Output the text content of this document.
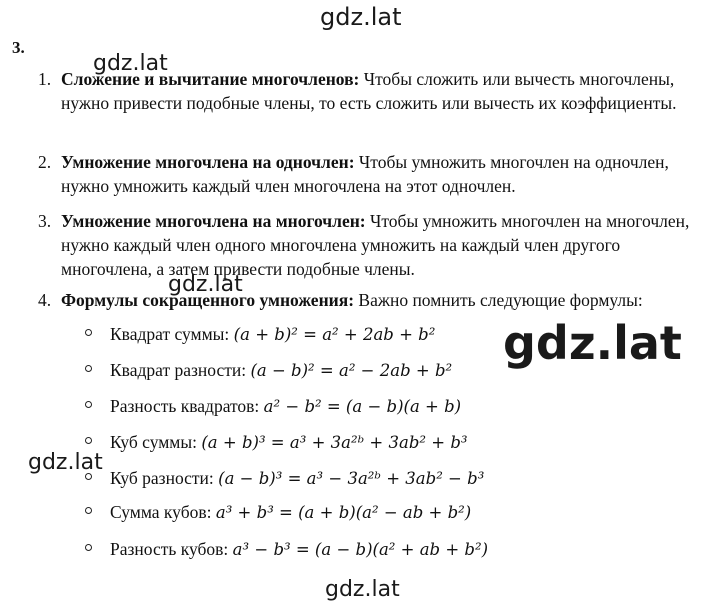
gdz.lat
3.
gdz.lat
1. Сложение и вычитание многочленов: Чтобы сложить или вычесть многочлены, нужно привести подобные члены, то есть сложить или вычесть их коэффициенты.
2. Умножение многочлена на одночлен: Чтобы умножить многочлен на одночлен, нужно умножить каждый член многочлена на этот одночлен.
3. Умножение многочлена на многочлен: Чтобы умножить многочлен на многочлен, нужно каждый член одного многочлена умножить на каждый член другого многочлена, а затем привести подобные члены.
gdz.lat
4. Формулы сокращенного умножения: Важно помнить следующие формулы:
Квадрат суммы: (a + b)² = a² + 2ab + b²
Квадрат разности: (a − b)² = a² − 2ab + b²
Разность квадратов: a² − b² = (a − b)(a + b)
Куб суммы: (a + b)³ = a³ + 3a²ᵇ + 3ab² + b³
Куб разности: (a − b)³ = a³ − 3a²ᵇ + 3ab² − b³
Сумма кубов: a³ + b³ = (a + b)(a² − ab + b²)
Разность кубов: a³ − b³ = (a − b)(a² + ab + b²)
gdz.lat
gdz.lat
gdz.lat
